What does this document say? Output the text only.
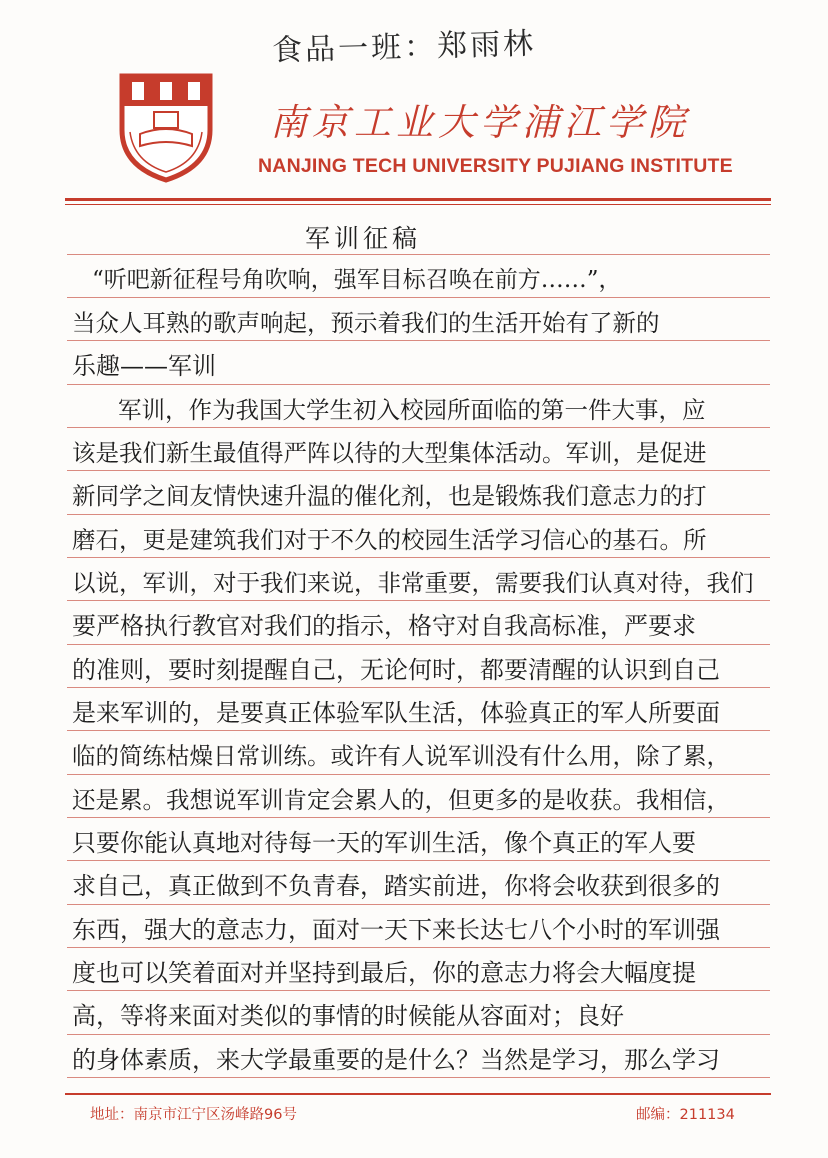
食品一班：郑雨林
南京工业大学浦江学院
NANJING TECH UNIVERSITY PUJIANG INSTITUTE
军训征稿
“听吧新征程号角吹响，强军目标召唤在前方……”，
当众人耳熟的歌声响起，预示着我们的生活开始有了新的
乐趣——军训
军训，作为我国大学生初入校园所面临的第一件大事，应
该是我们新生最值得严阵以待的大型集体活动。军训，是促进
新同学之间友情快速升温的催化剂，也是锻炼我们意志力的打
磨石，更是建筑我们对于不久的校园生活学习信心的基石。所
以说，军训，对于我们来说，非常重要，需要我们认真对待，我们
要严格执行教官对我们的指示，格守对自我高标准，严要求
的准则，要时刻提醒自己，无论何时，都要清醒的认识到自己
是来军训的，是要真正体验军队生活，体验真正的军人所要面
临的简练枯燥日常训练。或许有人说军训没有什么用，除了累，
还是累。我想说军训肯定会累人的，但更多的是收获。我相信，
只要你能认真地对待每一天的军训生活，像个真正的军人要
求自己，真正做到不负青春，踏实前进，你将会收获到很多的
东西，强大的意志力，面对一天下来长达七八个小时的军训强
度也可以笑着面对并坚持到最后，你的意志力将会大幅度提
高，等将来面对类似的事情的时候能从容面对；良好
的身体素质，来大学最重要的是什么？当然是学习，那么学习
地址：南京市江宁区汤峰路96号	邮编：211134
